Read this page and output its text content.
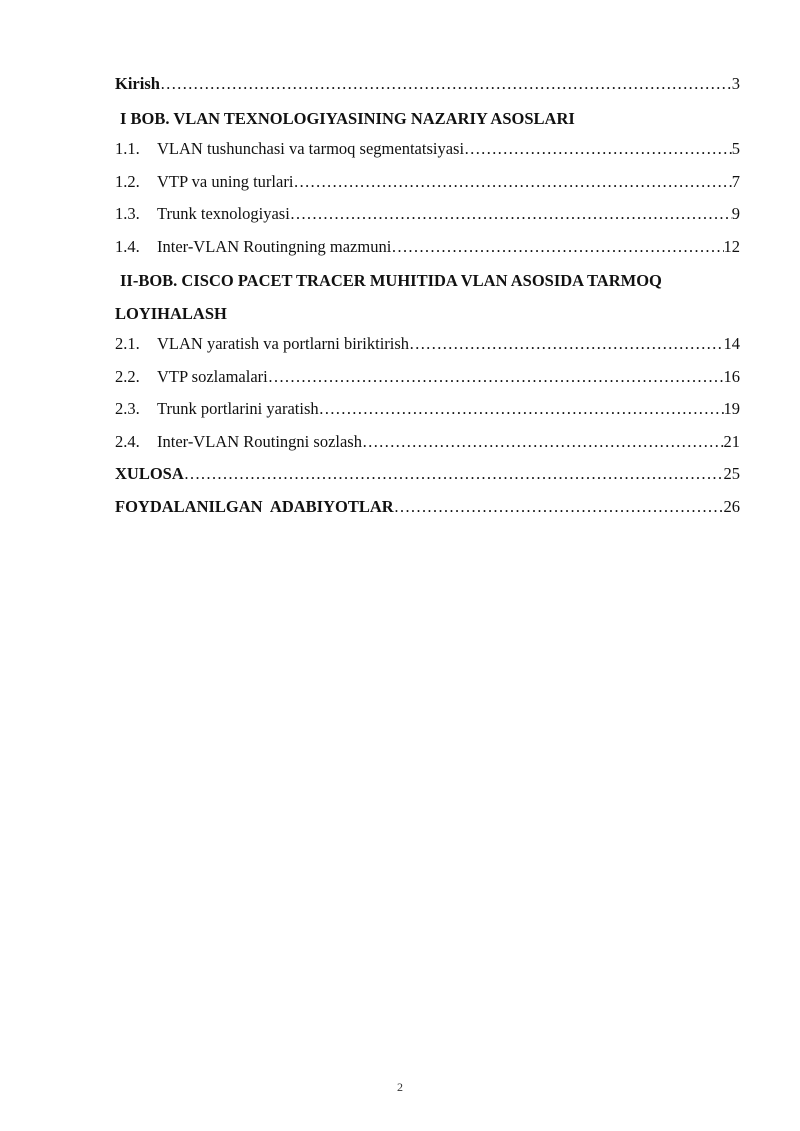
Kirish ……………………………………………………………………………………………………………………………………………………………………………………………………	3
I BOB. VLAN TEXNOLOGIYASINING NAZARIY ASOSLARI
1.1.	VLAN tushunchasi va tarmoq segmentatsiyasi ……………………………………………………………………………………………………………………………………………………………………………………………………	5
1.2.	VTP va uning turlari ……………………………………………………………………………………………………………………………………………………………………………………………………	7
1.3.	Trunk texnologiyasi ……………………………………………………………………………………………………………………………………………………………………………………………………	9
1.4.	Inter-VLAN Routingning mazmuni ……………………………………………………………………………………………………………………………………………………………………………………………………	12
II-BOB. CISCO PACET TRACER MUHITIDA VLAN ASOSIDA TARMOQ
LOYIHALASH
2.1.	VLAN yaratish va portlarni biriktirish ……………………………………………………………………………………………………………………………………………………………………………………………………	14
2.2.	VTP sozlamalari ……………………………………………………………………………………………………………………………………………………………………………………………………	16
2.3.	Trunk portlarini yaratish ……………………………………………………………………………………………………………………………………………………………………………………………………	19
2.4.	Inter-VLAN Routingni sozlash ……………………………………………………………………………………………………………………………………………………………………………………………………	21
XULOSA ……………………………………………………………………………………………………………………………………………………………………………………………………	25
FOYDALANILGAN  ADABIYOTLAR ……………………………………………………………………………………………………………………………………………………………………………………………………	26
2
